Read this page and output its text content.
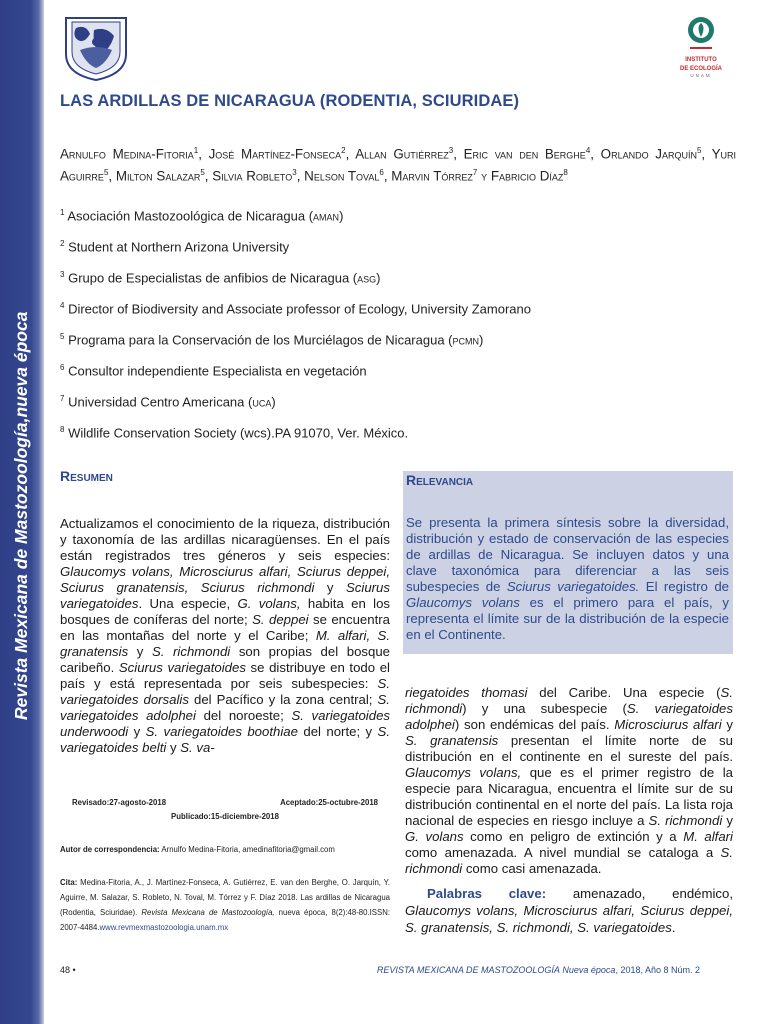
Revista Mexicana de Mastozoología,nueva época
INSTITUTO
DE ECOLOGÍA
UNAM
LAS ARDILLAS DE NICARAGUA (RODENTIA, SCIURIDAE)
Arnulfo Medina-Fitoria$^1$, José Martínez-Fonseca$^2$, Allan Gutiérrez$^3$, Eric van den Berghe$^4$, Orlando Jarquín$^5$, Yuri Aguirre$^5$, Milton Salazar$^5$, Silvia Robleto$^3$, Nelson Toval$^6$, Marvin Tórrez$^7$ y Fabricio Díaz$^8$
$^1$ Asociación Mastozoológica de Nicaragua (aman)
$^2$ Student at Northern Arizona University
$^3$ Grupo de Especialistas de anfibios de Nicaragua (asg)
$^4$ Director of Biodiversity and Associate professor of Ecology, University Zamorano
$^5$ Programa para la Conservación de los Murciélagos de Nicaragua (pcmn)
$^6$ Consultor independiente Especialista en vegetación
$^7$ Universidad Centro Americana (uca)
$^8$ Wildlife Conservation Society (wcs).PA 91070, Ver. México.
Resumen
Actualizamos el conocimiento de la riqueza, distribución y taxonomía de las ardillas nicaragüenses. En el país están registrados tres géneros y seis especies: Glaucomys volans, Microsciurus alfari, Sciurus deppei, Sciurus granatensis, Sciurus richmondi y Sciurus variegatoides. Una especie, G. volans, habita en los bosques de coníferas del norte; S. deppei se encuentra en las montañas del norte y el Caribe; M. alfari, S. granatensis y S. richmondi son propias del bosque caribeño. Sciurus variegatoides se distribuye en todo el país y está representada por seis subespecies: S. variegatoides dorsalis del Pacífico y la zona central; S. variegatoides adolphei del noroeste; S. variegatoides underwoodi y S. variegatoides boothiae del norte; y S. variegatoides belti y S. va-
Relevancia
Se presenta la primera síntesis sobre la diversidad, distribución y estado de conservación de las especies de ardillas de Nicaragua. Se incluyen datos y una clave taxonómica para diferenciar a las seis subespecies de Sciurus variegatoides. El registro de Glaucomys volans es el primero para el país, y representa el límite sur de la distribución de la especie en el Continente.
riegatoides thomasi del Caribe. Una especie (S. richmondi) y una subespecie (S. variegatoides adolphei) son endémicas del país. Microsciurus alfari y S. granatensis presentan el límite norte de su distribución en el continente en el sureste del país. Glaucomys volans, que es el primer registro de la especie para Nicaragua, encuentra el límite sur de su distribución continental en el norte del país. La lista roja nacional de especies en riesgo incluye a S. richmondi y G. volans como en peligro de extinción y a M. alfari como amenazada. A nivel mundial se cataloga a S. richmondi como casi amenazada.
Palabras clave: amenazado, endémico, Glaucomys volans, Microsciurus alfari, Sciurus deppei, S. granatensis, S. richmondi, S. variegatoides.
Revisado:27-agosto-2018	Aceptado:25-octubre-2018
Publicado:15-diciembre-2018
Autor de correspondencia: Arnulfo Medina-Fitoria, amedinafitoria@gmail.com
Cita: Medina-Fitoria, A., J. Martínez-Fonseca, A. Gutiérrez, E. van den Berghe, O. Jarquín, Y. Aguirre, M. Salazar, S. Robleto, N. Toval, M. Tórrez y F. Díaz 2018. Las ardillas de Nicaragua (Rodentia, Sciuridae). Revista Mexicana de Mastozoología, nueva época, 8(2):48-80.ISSN: 2007-4484.www.revmexmastozoologia.unam.mx
48 •	REVISTA MEXICANA DE MASTOZOOLOGÍA Nueva época, 2018, Año 8 Núm. 2
